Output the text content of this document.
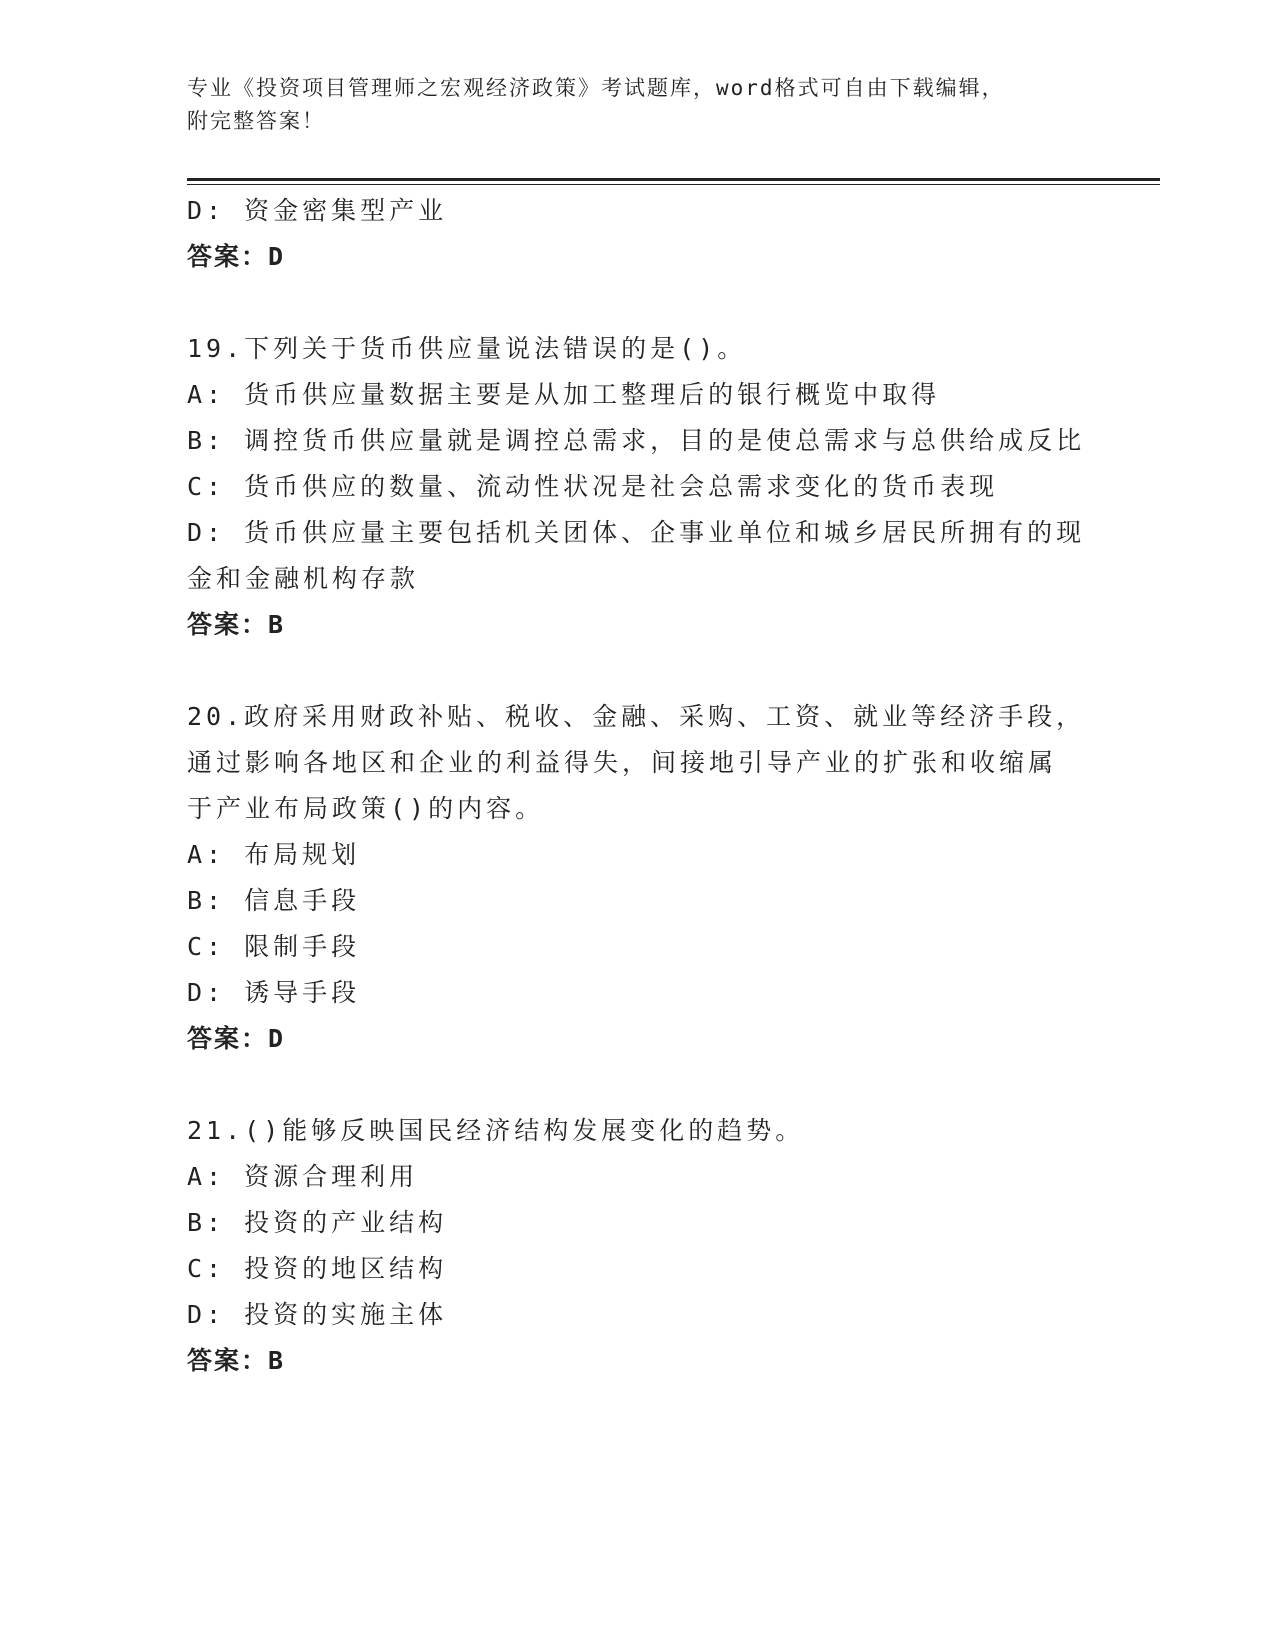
专业《投资项目管理师之宏观经济政策》考试题库，word格式可自由下载编辑，
附完整答案！
D: 资金密集型产业
答案：D
19.下列关于货币供应量说法错误的是()。
A: 货币供应量数据主要是从加工整理后的银行概览中取得
B: 调控货币供应量就是调控总需求，目的是使总需求与总供给成反比
C: 货币供应的数量、流动性状况是社会总需求变化的货币表现
D: 货币供应量主要包括机关团体、企事业单位和城乡居民所拥有的现
金和金融机构存款
答案：B
20.政府采用财政补贴、税收、金融、采购、工资、就业等经济手段，
通过影响各地区和企业的利益得失，间接地引导产业的扩张和收缩属
于产业布局政策()的内容。
A: 布局规划
B: 信息手段
C: 限制手段
D: 诱导手段
答案：D
21.()能够反映国民经济结构发展变化的趋势。
A: 资源合理利用
B: 投资的产业结构
C: 投资的地区结构
D: 投资的实施主体
答案：B
